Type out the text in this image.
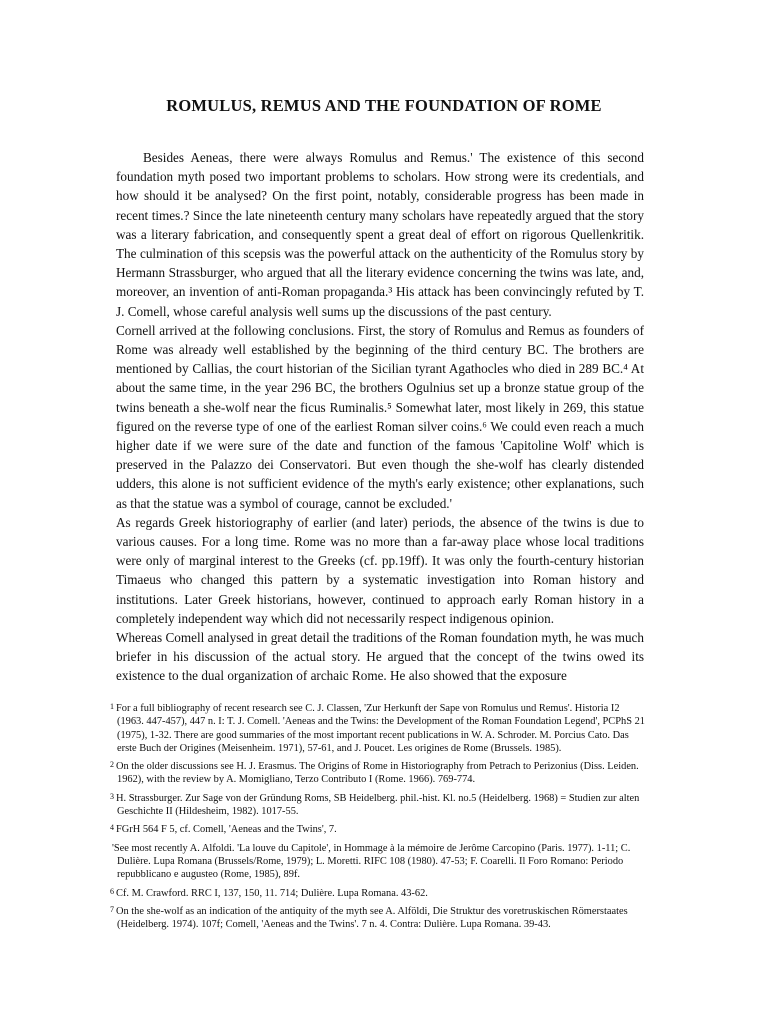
ROMULUS, REMUS AND THE FOUNDATION OF ROME

Besides Aeneas, there were always Romulus and Remus.' The existence of this second foundation myth posed two important problems to scholars. How strong were its credentials, and how should it be analysed? On the first point, notably, considerable progress has been made in recent times.? Since the late nineteenth century many scholars have repeatedly argued that the story was a literary fabrication, and consequently spent a great deal of effort on rigorous Quellenkritik. The culmination of this scepsis was the powerful attack on the authenticity of the Romulus story by Hermann Strassburger, who argued that all the literary evidence concerning the twins was late, and, moreover, an invention of anti-Roman propaganda.³ His attack has been convincingly refuted by T. J. Comell, whose careful analysis well sums up the discussions of the past century.

Cornell arrived at the following conclusions. First, the story of Romulus and Remus as founders of Rome was already well established by the beginning of the third century BC. The brothers are mentioned by Callias, the court historian of the Sicilian tyrant Agathocles who died in 289 BC.⁴ At about the same time, in the year 296 BC, the brothers Ogulnius set up a bronze statue group of the twins beneath a she-wolf near the ficus Ruminalis.⁵ Somewhat later, most likely in 269, this statue figured on the reverse type of one of the earliest Roman silver coins.⁶ We could even reach a much higher date if we were sure of the date and function of the famous 'Capitoline Wolf' which is preserved in the Palazzo dei Conservatori. But even though the she-wolf has clearly distended udders, this alone is not sufficient evidence of the myth's early existence; other explanations, such as that the statue was a symbol of courage, cannot be excluded.'

As regards Greek historiography of earlier (and later) periods, the absence of the twins is due to various causes. For a long time. Rome was no more than a far-away place whose local traditions were only of marginal interest to the Greeks (cf. pp.19ff). It was only the fourth-century historian Timaeus who changed this pattern by a systematic investigation into Roman history and institutions. Later Greek historians, however, continued to approach early Roman history in a completely independent way which did not necessarily respect indigenous opinion.

Whereas Comell analysed in great detail the traditions of the Roman foundation myth, he was much briefer in his discussion of the actual story. He argued that the concept of the twins owed its existence to the dual organization of archaic Rome. He also showed that the exposure

1 For a full bibliography of recent research see C. J. Classen, 'Zur Herkunft der Sape von Romulus und Remus'. Historia I2 (1963. 447-457), 447 n. I: T. J. Comell. 'Aeneas and the Twins: the Development of the Roman Foundation Legend', PCPhS 21 (1975), 1-32. There are good summaries of the most important recent publications in W. A. Schroder. M. Porcius Cato. Das erste Buch der Origines (Meisenheim. 1971), 57-61, and J. Poucet. Les origines de Rome (Brussels. 1985).

2 On the older discussions see H. J. Erasmus. The Origins of Rome in Historiography from Petrach to Perizonius (Diss. Leiden. 1962), with the review by A. Momigliano, Terzo Contributo I (Rome. 1966). 769-774.

3 H. Strassburger. Zur Sage von der Gründung Roms, SB Heidelberg. phil.-hist. Kl. no.5 (Heidelberg. 1968) = Studien zur alten Geschichte II (Hildesheim, 1982). 1017-55.

4 FGrH 564 F 5, cf. Comell, 'Aeneas and the Twins', 7.

'See most recently A. Alfoldi. 'La louve du Capitole', in Hommage à la mémoire de Jerôme Carcopino (Paris. 1977). 1-11; C. Dulière. Lupa Romana (Brussels/Rome, 1979); L. Moretti. RIFC 108 (1980). 47-53; F. Coarelli. Il Foro Romano: Periodo repubblicano e augusteo (Rome, 1985), 89f.

6 Cf. M. Crawford. RRC I, 137, 150, 11. 714; Dulière. Lupa Romana. 43-62.

7 On the she-wolf as an indication of the antiquity of the myth see A. Alföldi, Die Struktur des voretruskischen Römerstaates (Heidelberg. 1974). 107f; Comell, 'Aeneas and the Twins'. 7 n. 4. Contra: Dulière. Lupa Romana. 39-43.
